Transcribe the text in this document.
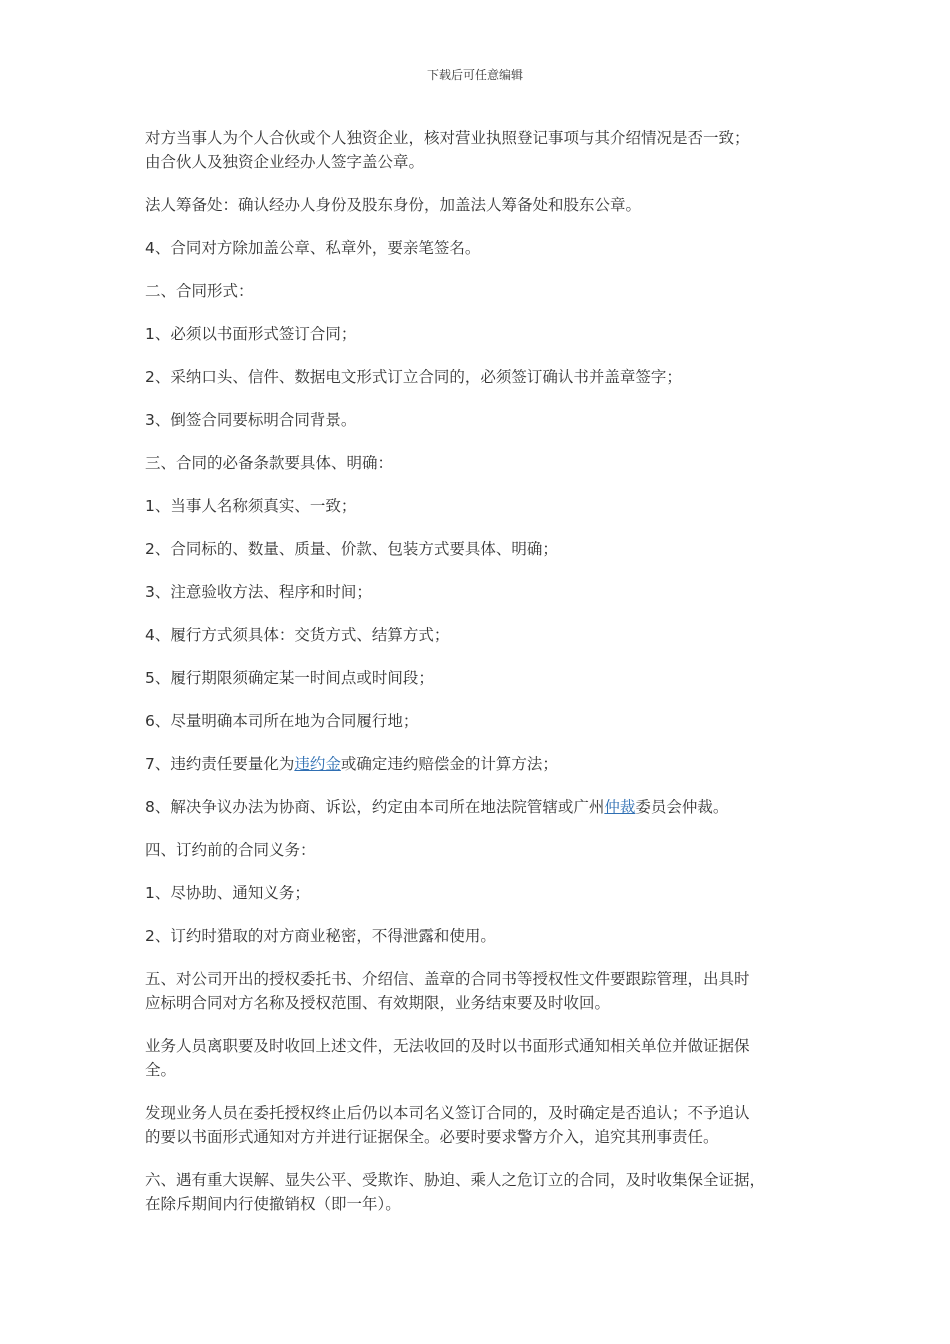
下载后可任意编辑

对方当事人为个人合伙或个人独资企业，核对营业执照登记事项与其介绍情况是否一致；
由合伙人及独资企业经办人签字盖公章。

法人筹备处：确认经办人身份及股东身份，加盖法人筹备处和股东公章。

4、合同对方除加盖公章、私章外，要亲笔签名。

二、合同形式：

1、必须以书面形式签订合同；

2、采纳口头、信件、数据电文形式订立合同的，必须签订确认书并盖章签字；

3、倒签合同要标明合同背景。

三、合同的必备条款要具体、明确：

1、当事人名称须真实、一致；

2、合同标的、数量、质量、价款、包装方式要具体、明确；

3、注意验收方法、程序和时间；

4、履行方式须具体：交货方式、结算方式；

5、履行期限须确定某一时间点或时间段；

6、尽量明确本司所在地为合同履行地；

7、违约责任要量化为违约金或确定违约赔偿金的计算方法；

8、解决争议办法为协商、诉讼，约定由本司所在地法院管辖或广州仲裁委员会仲裁。

四、订约前的合同义务：

1、尽协助、通知义务；

2、订约时猎取的对方商业秘密，不得泄露和使用。

五、对公司开出的授权委托书、介绍信、盖章的合同书等授权性文件要跟踪管理，出具时
应标明合同对方名称及授权范围、有效期限，业务结束要及时收回。

业务人员离职要及时收回上述文件，无法收回的及时以书面形式通知相关单位并做证据保
全。

发现业务人员在委托授权终止后仍以本司名义签订合同的，及时确定是否追认；不予追认
的要以书面形式通知对方并进行证据保全。必要时要求警方介入，追究其刑事责任。

六、遇有重大误解、显失公平、受欺诈、胁迫、乘人之危订立的合同，及时收集保全证据，
在除斥期间内行使撤销权（即一年）。
